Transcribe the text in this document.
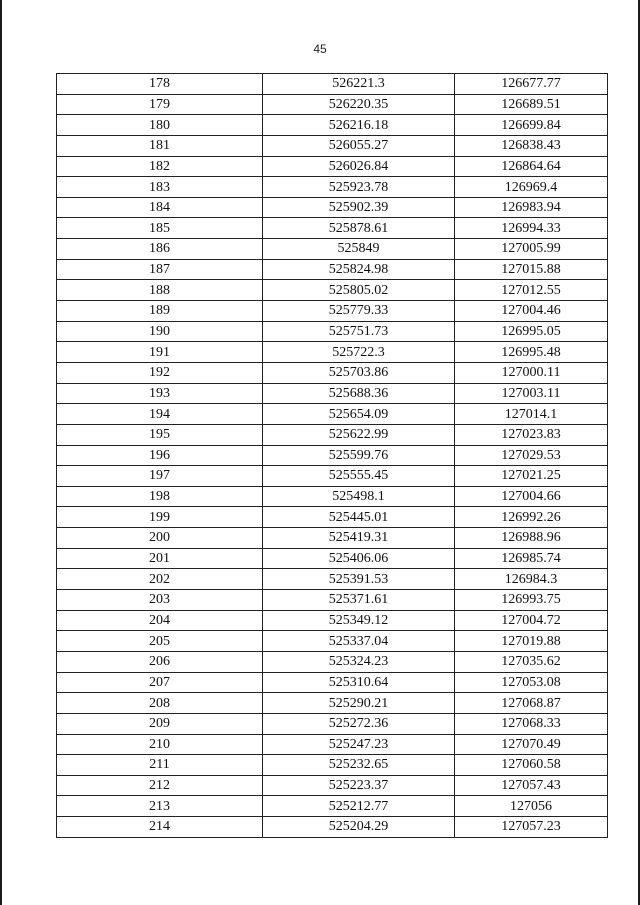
45
178	526221.3	126677.77
179	526220.35	126689.51
180	526216.18	126699.84
181	526055.27	126838.43
182	526026.84	126864.64
183	525923.78	126969.4
184	525902.39	126983.94
185	525878.61	126994.33
186	525849	127005.99
187	525824.98	127015.88
188	525805.02	127012.55
189	525779.33	127004.46
190	525751.73	126995.05
191	525722.3	126995.48
192	525703.86	127000.11
193	525688.36	127003.11
194	525654.09	127014.1
195	525622.99	127023.83
196	525599.76	127029.53
197	525555.45	127021.25
198	525498.1	127004.66
199	525445.01	126992.26
200	525419.31	126988.96
201	525406.06	126985.74
202	525391.53	126984.3
203	525371.61	126993.75
204	525349.12	127004.72
205	525337.04	127019.88
206	525324.23	127035.62
207	525310.64	127053.08
208	525290.21	127068.87
209	525272.36	127068.33
210	525247.23	127070.49
211	525232.65	127060.58
212	525223.37	127057.43
213	525212.77	127056
214	525204.29	127057.23
